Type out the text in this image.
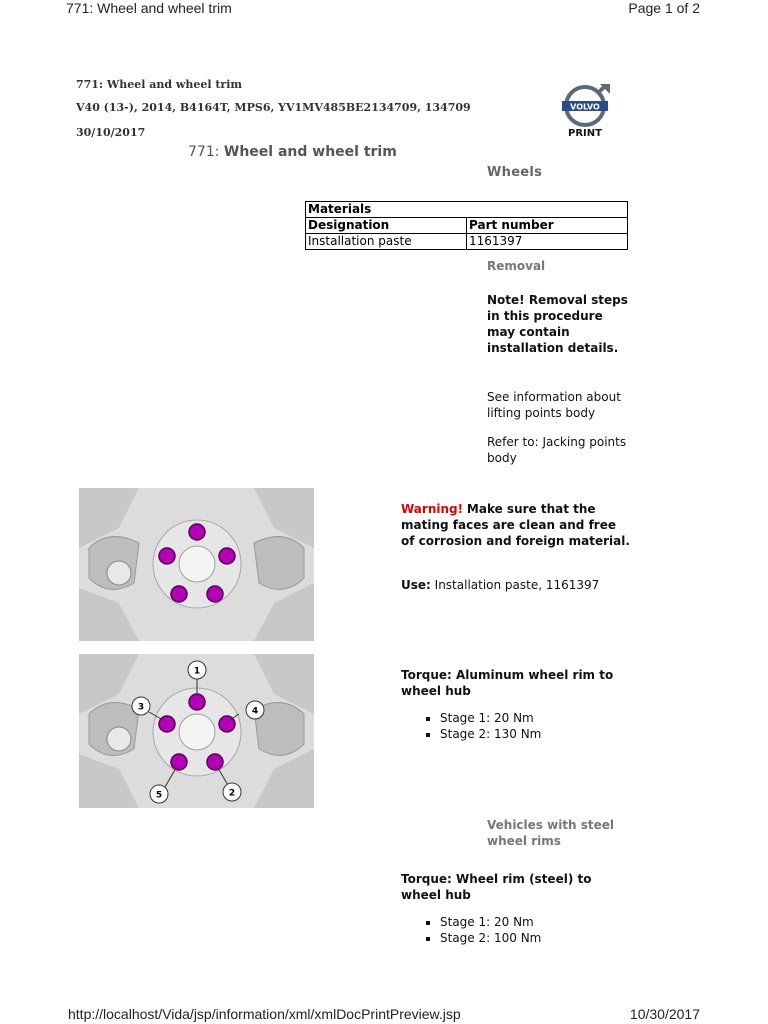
771: Wheel and wheel trim	Page 1 of 2
771: Wheel and wheel trim
V40 (13-), 2014, B4164T, MPS6, YV1MV485BE2134709, 134709
30/10/2017
VOLVO
PRINT
771: Wheel and wheel trim
Wheels
Materials	
Designation	Part number
Installation paste	1161397
Removal
Note! Removal steps in this procedure may contain installation details.
See information about lifting points body
Refer to: Jacking points body
Warning! Make sure that the mating faces are clean and free of corrosion and foreign material.
Use: Installation paste, 1161397
1
2
3	4
5
Torque: Aluminum wheel rim to wheel hub
▪ Stage 1: 20 Nm
▪ Stage 2: 130 Nm
Vehicles with steel wheel rims
Torque: Wheel rim (steel) to wheel hub
▪ Stage 1: 20 Nm
▪ Stage 2: 100 Nm
http://localhost/Vida/jsp/information/xml/xmlDocPrintPreview.jsp	10/30/2017
